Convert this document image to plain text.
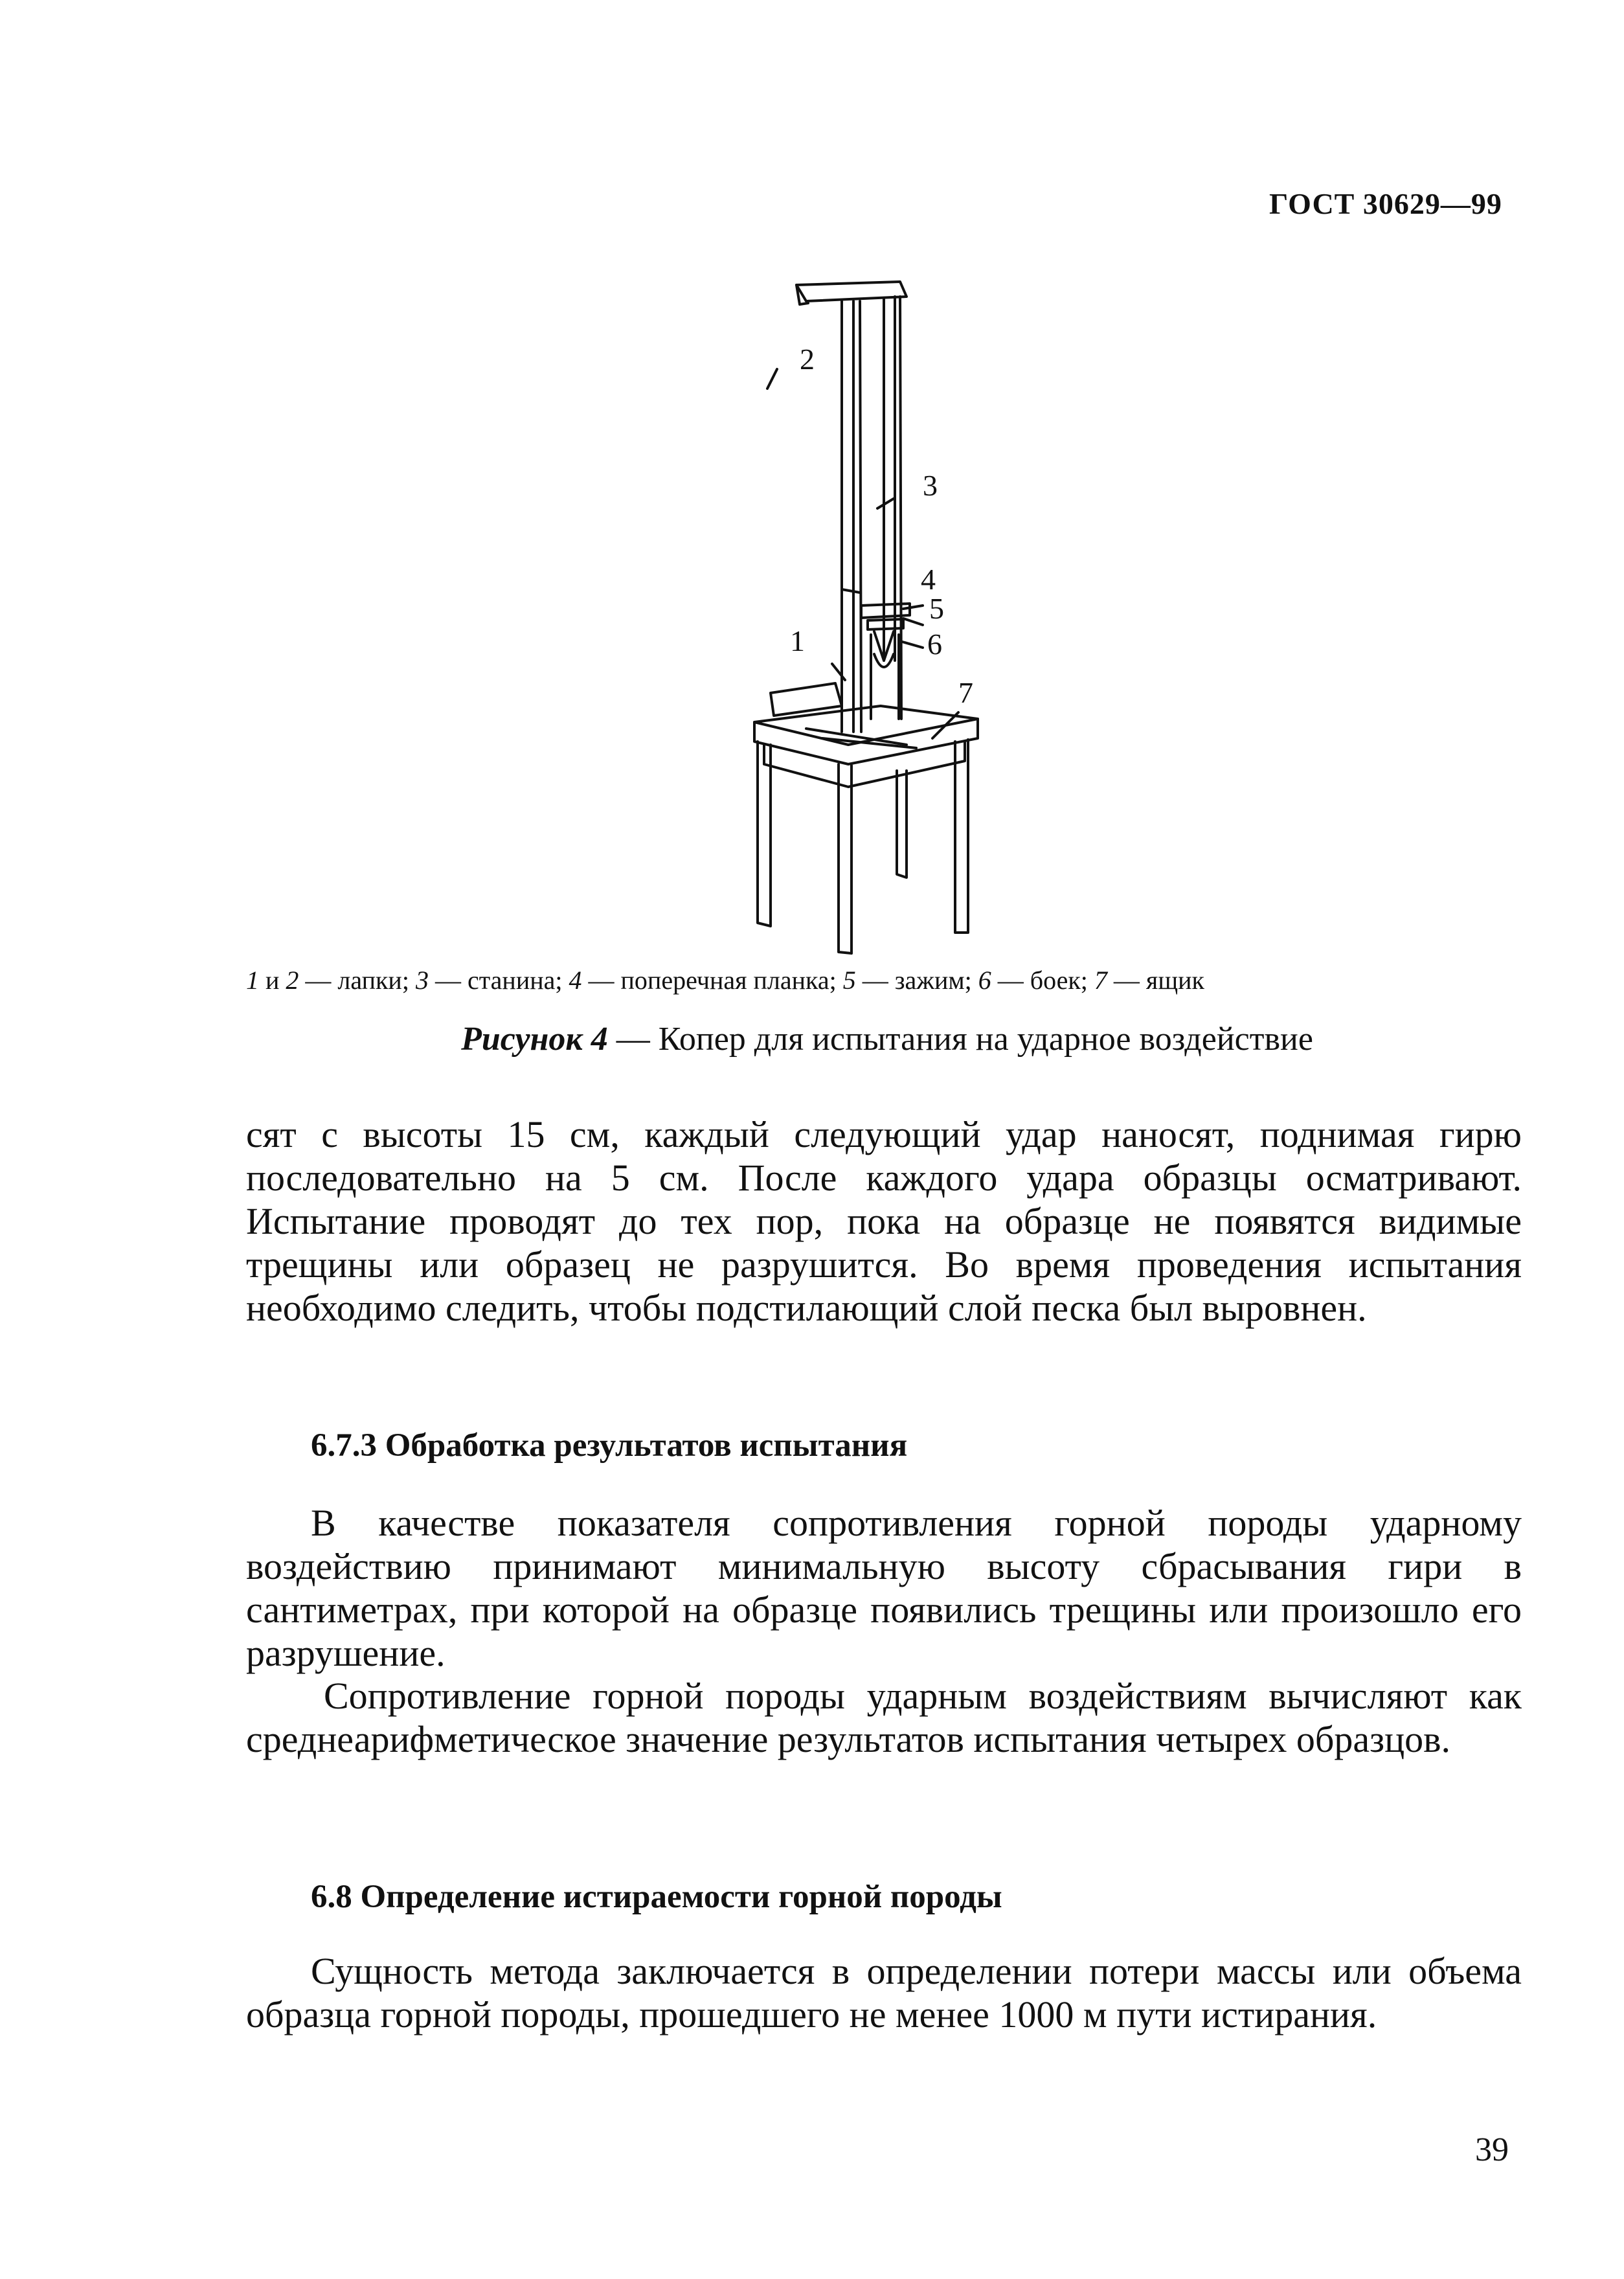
ГОСТ 30629—99
2
3
4
5
6
1
7
1 и 2 — лапки; 3 — станина; 4 — поперечная планка; 5 — зажим; 6 — боек; 7 — ящик
Рисунок 4 — Копер для испытания на ударное воздействие
сят с высоты 15 см, каждый следующий удар наносят, поднимая гирю последовательно на 5 см. После каждого удара образцы осматривают. Испытание проводят до тех пор, пока на образце не появятся видимые трещины или образец не разрушится. Во время проведения испытания необходимо следить, чтобы подстилающий слой песка был выровнен.
6.7.3 Обработка результатов испытания
В качестве показателя сопротивления горной породы ударному воздействию принимают минимальную высоту сбрасывания гири в сантиметрах, при которой на образце появились трещины или произошло его разрушение.
Сопротивление горной породы ударным воздействиям вычисляют как среднеарифметическое значение результатов испытания четырех образцов.
6.8 Определение истираемости горной породы
Сущность метода заключается в определении потери массы или объема образца горной породы, прошедшего не менее 1000 м пути истирания.
39
